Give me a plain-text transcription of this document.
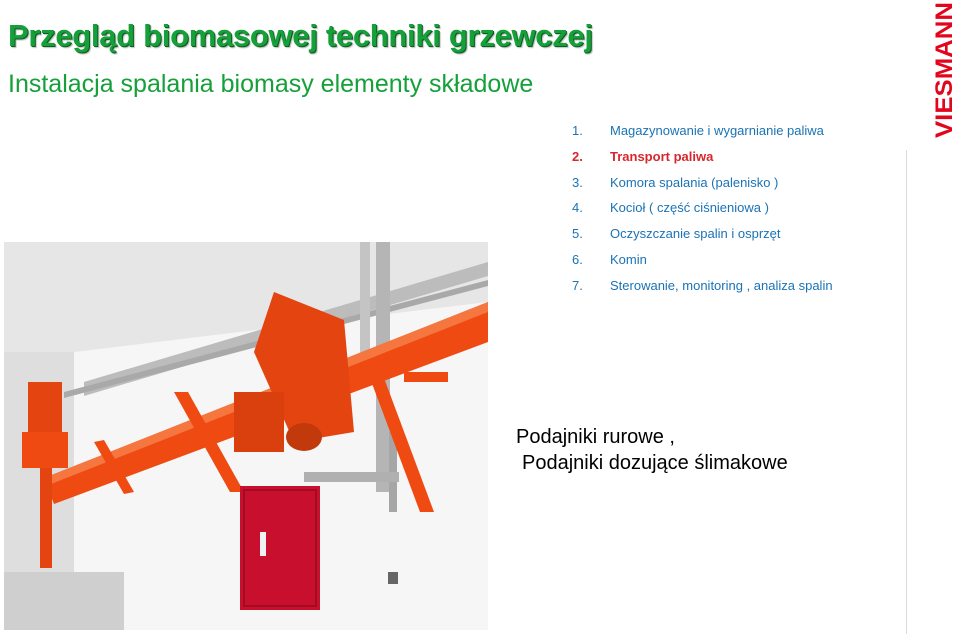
Przegląd biomasowej techniki grzewczej
Instalacja spalania biomasy elementy składowe
1. Magazynowanie i wygarnianie paliwa
2. Transport paliwa
3. Komora spalania (palenisko )
4. Kocioł ( część ciśnieniowa )
5. Oczyszczanie spalin i osprzęt
6. Komin
7. Sterowanie, monitoring , analiza spalin
VIESMANN
Podajniki rurowe ,
Podajniki dozujące ślimakowe
